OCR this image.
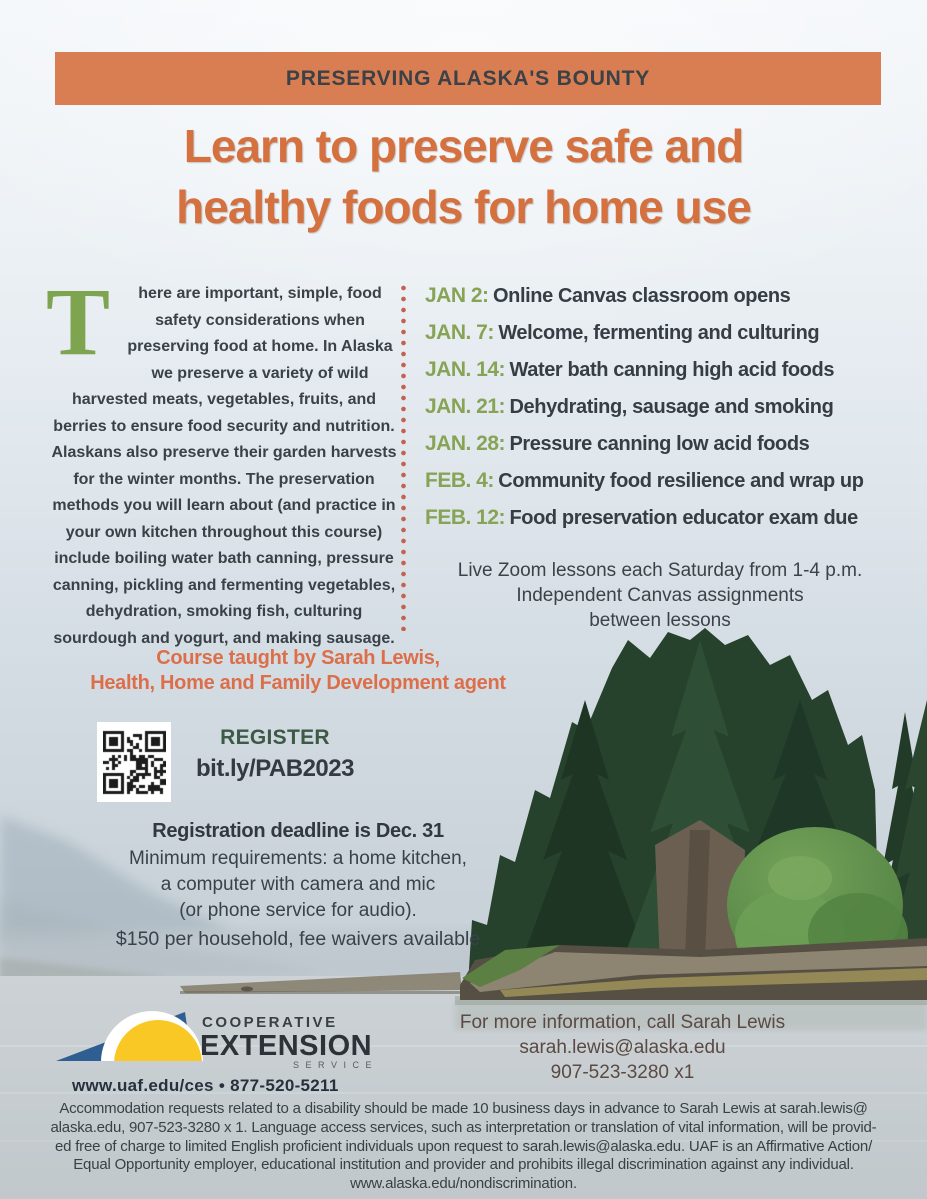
PRESERVING ALASKA'S BOUNTY
Learn to preserve safe and
healthy foods for home use
T	here are important, simple, food safety considerations when preserving food at home. In Alaska we preserve a variety of wild harvested meats, vegetables, fruits, and berries to ensure food security and nutrition. Alaskans also preserve their garden harvests for the winter months. The preservation methods you will learn about (and practice in your own kitchen throughout this course) include boiling water bath canning, pressure canning, pickling and fermenting vegetables, dehydration, smoking fish, culturing sourdough and yogurt, and making sausage.
JAN 2: Online Canvas classroom opens
JAN. 7: Welcome, fermenting and culturing
JAN. 14: Water bath canning high acid foods
JAN. 21: Dehydrating, sausage and smoking
JAN. 28: Pressure canning low acid foods
FEB. 4: Community food resilience and wrap up
FEB. 12: Food preservation educator exam due
Live Zoom lessons each Saturday from 1-4 p.m.
Independent Canvas assignments
between lessons
Course taught by Sarah Lewis,
Health, Home and Family Development agent
REGISTER
bit.ly/PAB2023
Registration deadline is Dec. 31
Minimum requirements: a home kitchen,
a computer with camera and mic
(or phone service for audio).
$150 per household, fee waivers available
COOPERATIVE
EXTENSION
S E R V I C E
www.uaf.edu/ces • 877-520-5211
For more information, call Sarah Lewis
sarah.lewis@alaska.edu
907-523-3280 x1
Accommodation requests related to a disability should be made 10 business days in advance to Sarah Lewis at sarah.lewis@
alaska.edu, 907-523-3280 x 1. Language access services, such as interpretation or translation of vital information, will be provid-
ed free of charge to limited English proficient individuals upon request to sarah.lewis@alaska.edu. UAF is an Affirmative Action/
Equal Opportunity employer, educational institution and provider and prohibits illegal discrimination against any individual.
www.alaska.edu/nondiscrimination.
